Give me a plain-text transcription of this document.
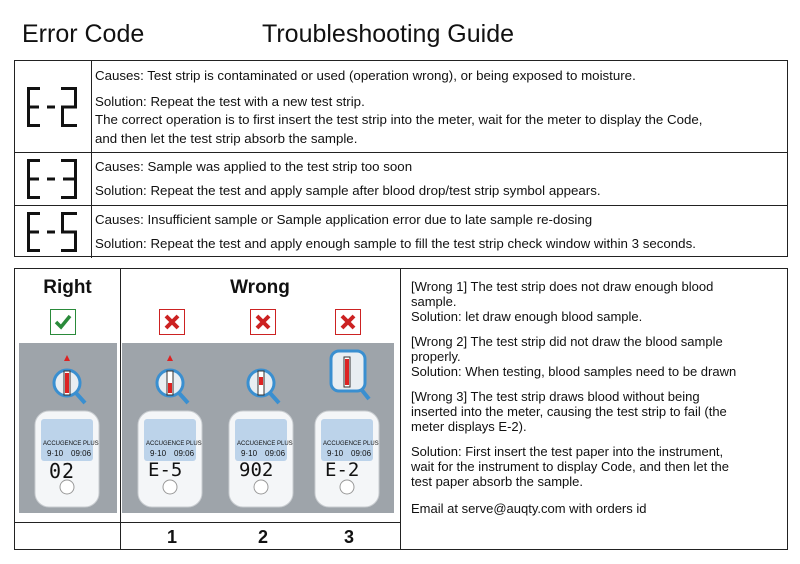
Error Code	Troubleshooting Guide
Causes: Test strip is contaminated or used (operation wrong), or being exposed to moisture.
Solution: Repeat the test with a new test strip.
The correct operation is to first insert the test strip into the meter, wait for the meter to display the Code,
and then let the test strip absorb the sample.
Causes: Sample was applied to the test strip too soon
Solution: Repeat the test and apply sample after blood drop/test strip symbol appears.
Causes: Insufficient sample or Sample application error due to late sample re-dosing
Solution: Repeat the test and apply enough sample to fill the test strip check window within 3 seconds.
Right	Wrong
02
ACCUGENCE PLUS
9·10 09:06
E-5
ACCUGENCE PLUS
9·10 09:06
902
ACCUGENCE PLUS
9·10 09:06
E-2
ACCUGENCE PLUS
9·10 09:06
1	2	3

[Wrong 1] The test strip does not draw enough blood

sample.

Solution: let draw enough blood sample.

[Wrong 2] The test strip did not draw the blood sample

properly.

Solution: When testing, blood samples need to be drawn

[Wrong 3] The test strip draws blood without being

inserted into the meter, causing the test strip to fail (the

meter displays E-2).

Solution: First insert the test paper into the instrument,

wait for the instrument to display Code, and then let the

test paper absorb the sample.

Email at serve@auqty.com with orders id
